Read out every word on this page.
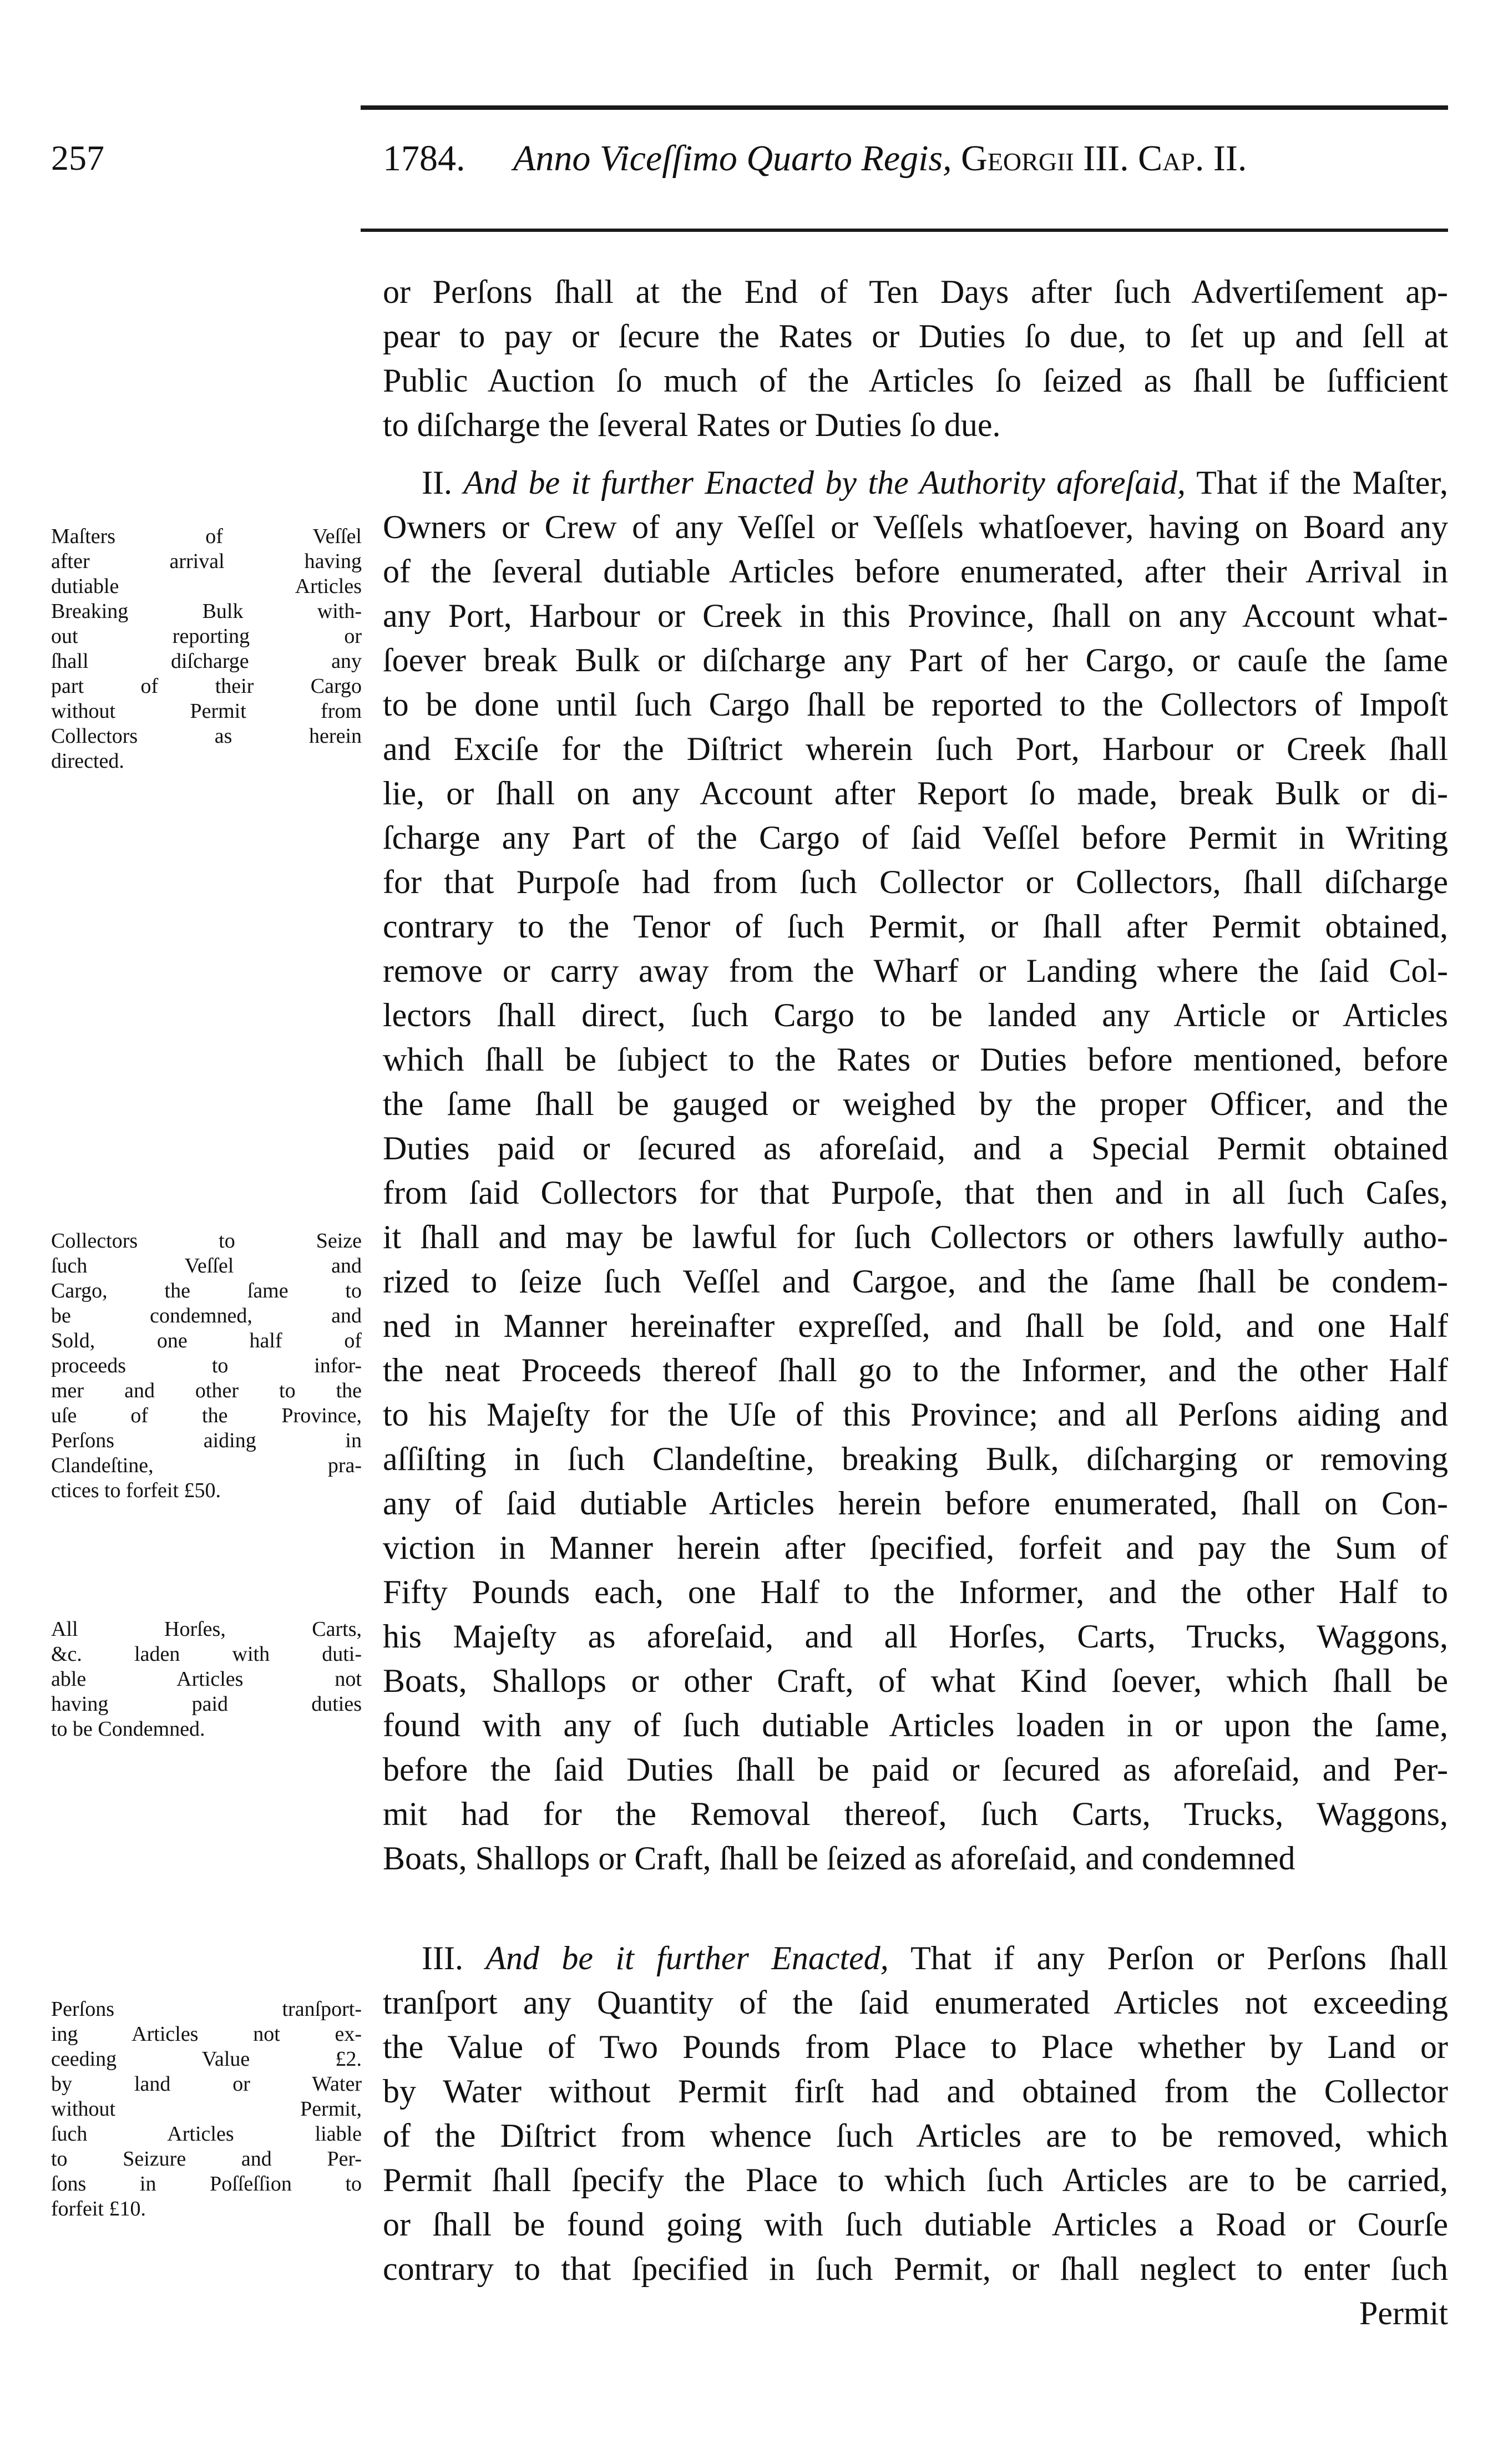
257	1784. Anno Viceſſimo Quarto Regis, Georgii III. Cap. II.
or Perſons ſhall at the End of Ten Days after ſuch Advertiſement ap-
pear to pay or ſecure the Rates or Duties ſo due, to ſet up and ſell at
Public Auction ſo much of the Articles ſo ſeized as ſhall be ſufficient
to diſcharge the ſeveral Rates or Duties ſo due.
II. And be it further Enacted by the Authority aforeſaid, That if the Maſter,
Owners or Crew of any Veſſel or Veſſels whatſoever, having on Board any
of the ſeveral dutiable Articles before enumerated, after their Arrival in
any Port, Harbour or Creek in this Province, ſhall on any Account what-
ſoever break Bulk or diſcharge any Part of her Cargo, or cauſe the ſame
to be done until ſuch Cargo ſhall be reported to the Collectors of Impoſt
and Exciſe for the Diſtrict wherein ſuch Port, Harbour or Creek ſhall
lie, or ſhall on any Account after Report ſo made, break Bulk or di-
ſcharge any Part of the Cargo of ſaid Veſſel before Permit in Writing
for that Purpoſe had from ſuch Collector or Collectors, ſhall diſcharge
contrary to the Tenor of ſuch Permit, or ſhall after Permit obtained,
remove or carry away from the Wharf or Landing where the ſaid Col-
lectors ſhall direct, ſuch Cargo to be landed any Article or Articles
which ſhall be ſubject to the Rates or Duties before mentioned, before
the ſame ſhall be gauged or weighed by the proper Officer, and the
Duties paid or ſecured as aforeſaid, and a Special Permit obtained
from ſaid Collectors for that Purpoſe, that then and in all ſuch Caſes,
it ſhall and may be lawful for ſuch Collectors or others lawfully autho-
rized to ſeize ſuch Veſſel and Cargoe, and the ſame ſhall be condem-
ned in Manner hereinafter expreſſed, and ſhall be ſold, and one Half
the neat Proceeds thereof ſhall go to the Informer, and the other Half
to his Majeſty for the Uſe of this Province; and all Perſons aiding and
aſſiſting in ſuch Clandeſtine, breaking Bulk, diſcharging or removing
any of ſaid dutiable Articles herein before enumerated, ſhall on Con-
viction in Manner herein after ſpecified, forfeit and pay the Sum of
Fifty Pounds each, one Half to the Informer, and the other Half to
his Majeſty as aforeſaid, and all Horſes, Carts, Trucks, Waggons,
Boats, Shallops or other Craft, of what Kind ſoever, which ſhall be
found with any of ſuch dutiable Articles loaden in or upon the ſame,
before the ſaid Duties ſhall be paid or ſecured as aforeſaid, and Per-
mit had for the Removal thereof, ſuch Carts, Trucks, Waggons,
Boats, Shallops or Craft, ſhall be ſeized as aforeſaid, and condemned
III. And be it further Enacted, That if any Perſon or Perſons ſhall
tranſport any Quantity of the ſaid enumerated Articles not exceeding
the Value of Two Pounds from Place to Place whether by Land or
by Water without Permit firſt had and obtained from the Collector
of the Diſtrict from whence ſuch Articles are to be removed, which
Permit ſhall ſpecify the Place to which ſuch Articles are to be carried,
or ſhall be found going with ſuch dutiable Articles a Road or Courſe
contrary to that ſpecified in ſuch Permit, or ſhall neglect to enter ſuch
Permit
Maſters of Veſſel
after arrival having
dutiable Articles
Breaking Bulk with-
out reporting or
ſhall diſcharge any
part of their Cargo
without Permit from
Collectors as herein
directed.
Collectors to Seize
ſuch Veſſel and
Cargo, the ſame to
be condemned, and
Sold, one half of
proceeds to infor-
mer and other to the
uſe of the Province,
Perſons aiding in
Clandeſtine, pra-
ctices to forfeit £50.
All Horſes, Carts,
&c. laden with duti-
able Articles not
having paid duties
to be Condemned.
Perſons tranſport-
ing Articles not ex-
ceeding Value £2.
by land or Water
without Permit,
ſuch Articles liable
to Seizure and Per-
ſons in Poſſeſſion to
forfeit £10.
